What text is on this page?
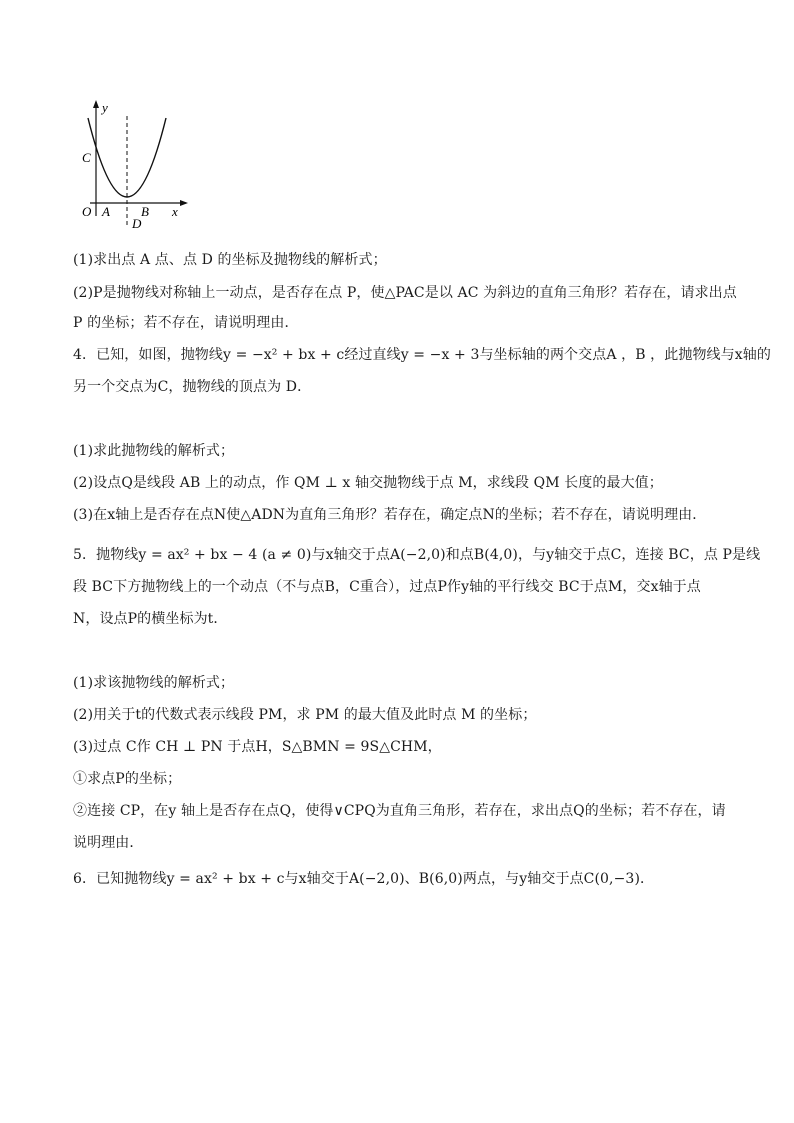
y
x
O
C
A B
D
(1)求出点 A 点、点 D 的坐标及抛物线的解析式；
(2)P是抛物线对称轴上一动点，是否存在点 P，使△PAC是以 AC 为斜边的直角三角形？若存在，请求出点
P 的坐标；若不存在，请说明理由．
4．已知，如图，抛物线y = −x² + bx + c经过直线y = −x + 3与坐标轴的两个交点A ，B ，此抛物线与x轴的
另一个交点为C，抛物线的顶点为 D．
(1)求此抛物线的解析式；
(2)设点Q是线段 AB 上的动点，作 QM ⊥ x 轴交抛物线于点 M，求线段 QM 长度的最大值；
(3)在x轴上是否存在点N使△ADN为直角三角形？若存在，确定点N的坐标；若不存在，请说明理由．
5．抛物线y = ax² + bx − 4 (a ≠ 0)与x轴交于点A(−2,0)和点B(4,0)，与y轴交于点C，连接 BC，点 P是线
段 BC下方抛物线上的一个动点（不与点B，C重合），过点P作y轴的平行线交 BC于点M，交x轴于点
N，设点P的横坐标为t．
(1)求该抛物线的解析式；
(2)用关于t的代数式表示线段 PM，求 PM 的最大值及此时点 M 的坐标；
(3)过点 C作 CH ⊥ PN 于点H，S△BMN = 9S△CHM，
①求点P的坐标；
②连接 CP，在y 轴上是否存在点Q，使得∨CPQ为直角三角形，若存在，求出点Q的坐标；若不存在，请
说明理由．
6．已知抛物线y = ax² + bx + c与x轴交于A(−2,0)、B(6,0)两点，与y轴交于点C(0,−3)．
